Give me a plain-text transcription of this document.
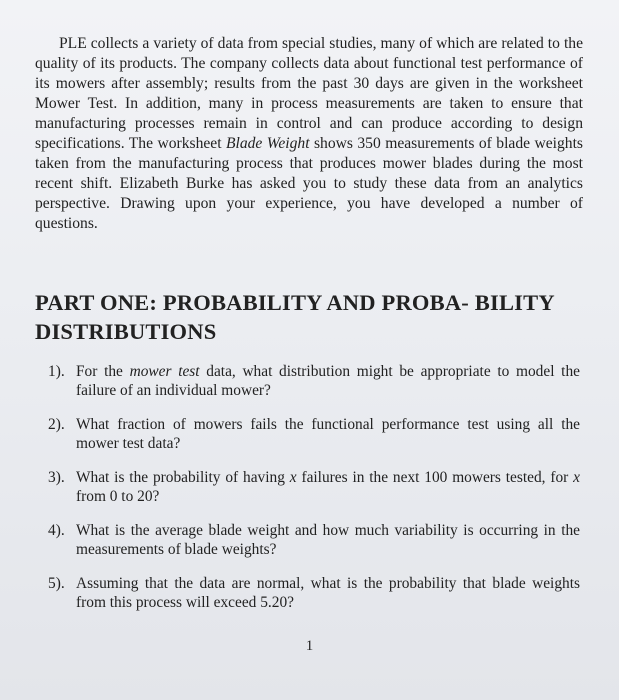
PLE collects a variety of data from special studies, many of which are related to the quality of its products. The company collects data about functional test performance of its mowers after assembly; results from the past 30 days are given in the worksheet Mower Test. In addition, many in process measurements are taken to ensure that manufacturing processes remain in control and can produce according to design specifications. The worksheet Blade Weight shows 350 measurements of blade weights taken from the manufacturing process that produces mower blades during the most recent shift. Elizabeth Burke has asked you to study these data from an analytics perspective. Drawing upon your experience, you have developed a number of questions.

PART ONE: PROBABILITY AND PROBA- BILITY DISTRIBUTIONS
1). For the mower test data, what distribution might be appropriate to model the failure of an individual mower?
2). What fraction of mowers fails the functional performance test using all the mower test data?
3). What is the probability of having x failures in the next 100 mowers tested, for x from 0 to 20?
4). What is the average blade weight and how much variability is occurring in the measurements of blade weights?
5). Assuming that the data are normal, what is the probability that blade weights from this process will exceed 5.20?

1
